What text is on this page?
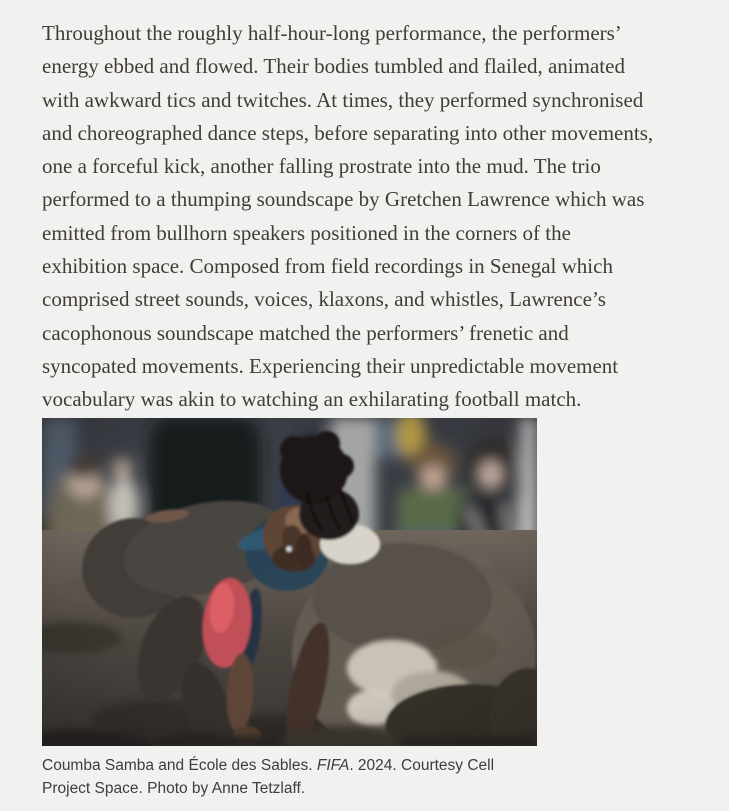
Throughout the roughly half-hour-long performance, the performers’
energy ebbed and flowed. Their bodies tumbled and flailed, animated
with awkward tics and twitches. At times, they performed synchronised
and choreographed dance steps, before separating into other movements,
one a forceful kick, another falling prostrate into the mud. The trio
performed to a thumping soundscape by Gretchen Lawrence which was
emitted from bullhorn speakers positioned in the corners of the
exhibition space. Composed from field recordings in Senegal which
comprised street sounds, voices, klaxons, and whistles, Lawrence’s
cacophonous soundscape matched the performers’ frenetic and
syncopated movements. Experiencing their unpredictable movement
vocabulary was akin to watching an exhilarating football match.
Coumba Samba and École des Sables. FIFA. 2024. Courtesy Cell Project Space. Photo by Anne Tetzlaff.
